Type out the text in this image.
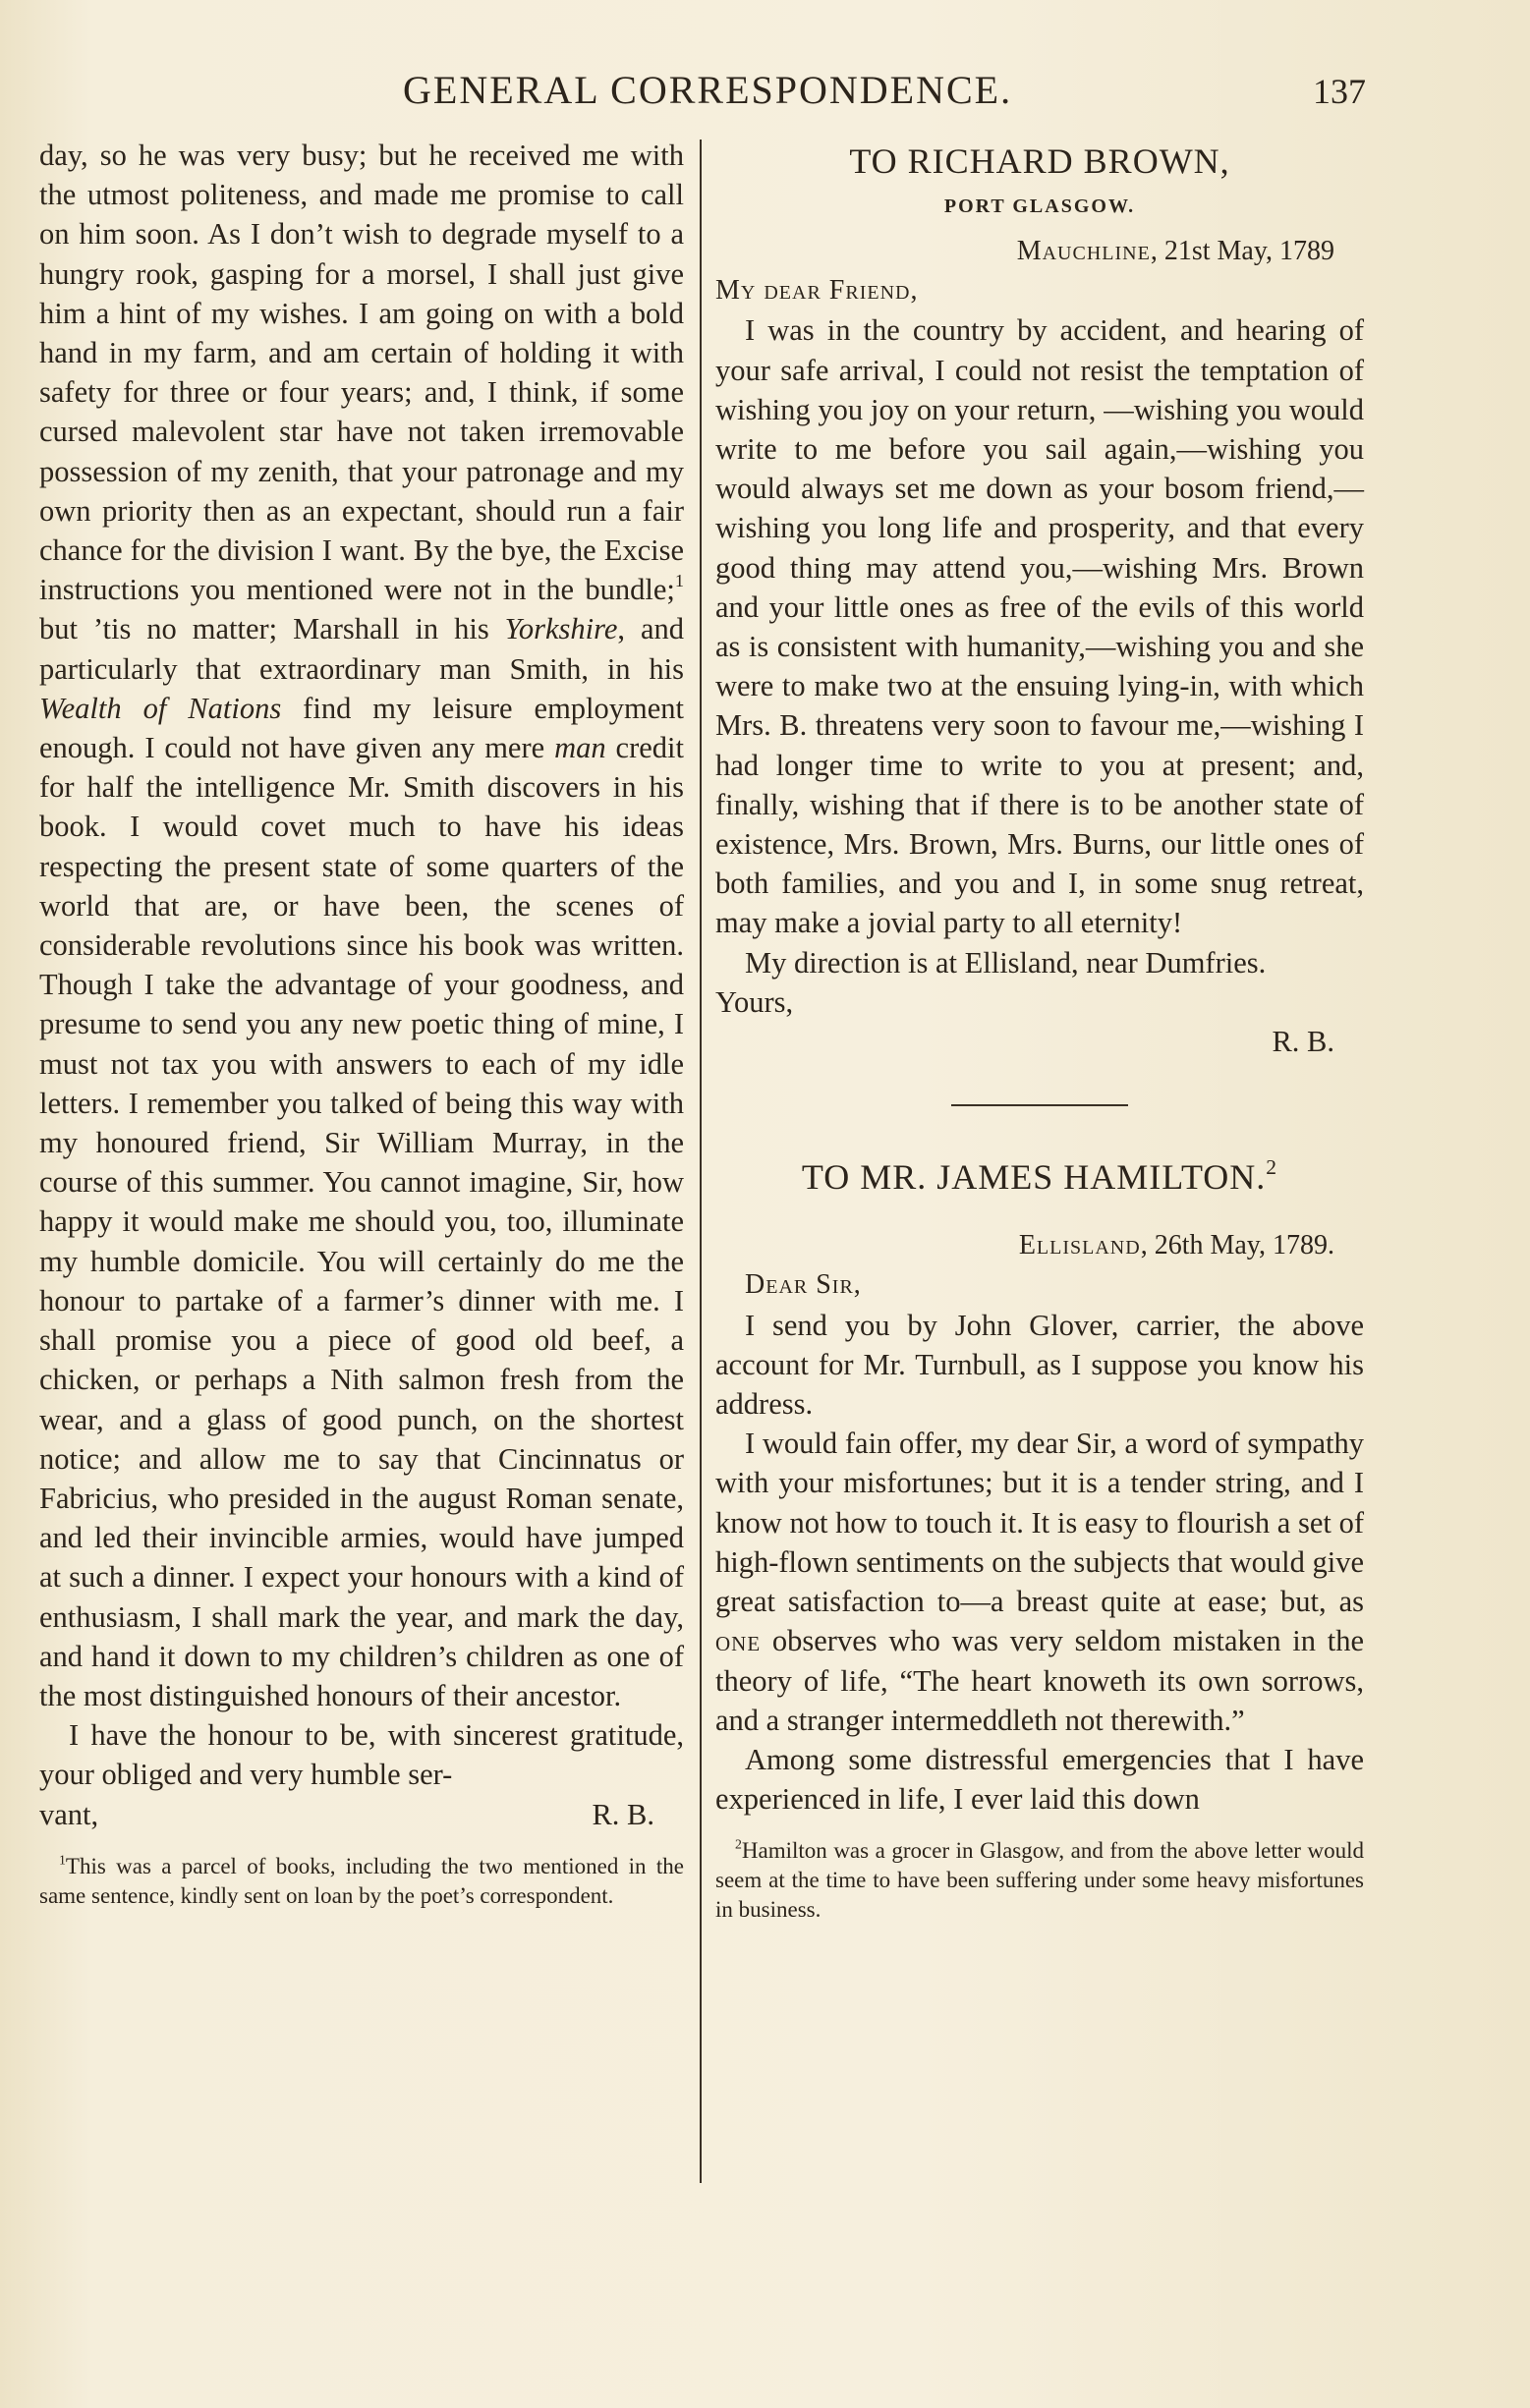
GENERAL CORRESPONDENCE.	137

day, so he was very busy; but he received me with the utmost politeness, and made me promise to call on him soon. As I don’t wish to degrade myself to a hungry rook, gasping for a morsel, I shall just give him a hint of my wishes. I am going on with a bold hand in my farm, and am certain of holding it with safety for three or four years; and, I think, if some cursed malevolent star have not taken irremovable possession of my zenith, that your patronage and my own priority then as an expectant, should run a fair chance for the division I want. By the bye, the Excise instructions you mentioned were not in the bundle;$^1$ but ’tis no matter; Marshall in his Yorkshire, and particularly that extraordinary man Smith, in his Wealth of Nations find my leisure employment enough. I could not have given any mere man credit for half the intelligence Mr. Smith discovers in his book. I would covet much to have his ideas respecting the present state of some quarters of the world that are, or have been, the scenes of considerable revolutions since his book was written. Though I take the advantage of your goodness, and presume to send you any new poetic thing of mine, I must not tax you with answers to each of my idle letters. I remember you talked of being this way with my honoured friend, Sir William Murray, in the course of this summer. You cannot imagine, Sir, how happy it would make me should you, too, illuminate my humble domicile. You will certainly do me the honour to partake of a farmer’s dinner with me. I shall promise you a piece of good old beef, a chicken, or perhaps a Nith salmon fresh from the wear, and a glass of good punch, on the shortest notice; and allow me to say that Cincinnatus or Fabricius, who presided in the august Roman senate, and led their invincible armies, would have jumped at such a dinner. I expect your honours with a kind of enthusiasm, I shall mark the year, and mark the day, and hand it down to my children’s children as one of the most distinguished honours of their ancestor.

I have the honour to be, with sincerest gratitude, your obliged and very humble ser-

vant,	R. B.

$^1$This was a parcel of books, including the two mentioned in the same sentence, kindly sent on loan by the poet’s correspondent.

TO RICHARD BROWN,

PORT GLASGOW.

Mauchline, 21st May, 1789

My dear Friend,

I was in the country by accident, and hearing of your safe arrival, I could not resist the temptation of wishing you joy on your return, —wishing you would write to me before you sail again,—wishing you would always set me down as your bosom friend,—wishing you long life and prosperity, and that every good thing may attend you,—wishing Mrs. Brown and your little ones as free of the evils of this world as is consistent with humanity,—wishing you and she were to make two at the ensuing lying-in, with which Mrs. B. threatens very soon to favour me,—wishing I had longer time to write to you at present; and, finally, wishing that if there is to be another state of existence, Mrs. Brown, Mrs. Burns, our little ones of both families, and you and I, in some snug retreat, may make a jovial party to all eternity!

My direction is at Ellisland, near Dumfries.

Yours,

R. B.

TO MR. JAMES HAMILTON.$^2$

Ellisland, 26th May, 1789.

Dear Sir,

I send you by John Glover, carrier, the above account for Mr. Turnbull, as I suppose you know his address.

I would fain offer, my dear Sir, a word of sympathy with your misfortunes; but it is a tender string, and I know not how to touch it. It is easy to flourish a set of high-flown sentiments on the subjects that would give great satisfaction to—a breast quite at ease; but, as one observes who was very seldom mistaken in the theory of life, “The heart knoweth its own sorrows, and a stranger intermeddleth not therewith.”

Among some distressful emergencies that I have experienced in life, I ever laid this down

$^2$Hamilton was a grocer in Glasgow, and from the above letter would seem at the time to have been suffering under some heavy misfortunes in business.
